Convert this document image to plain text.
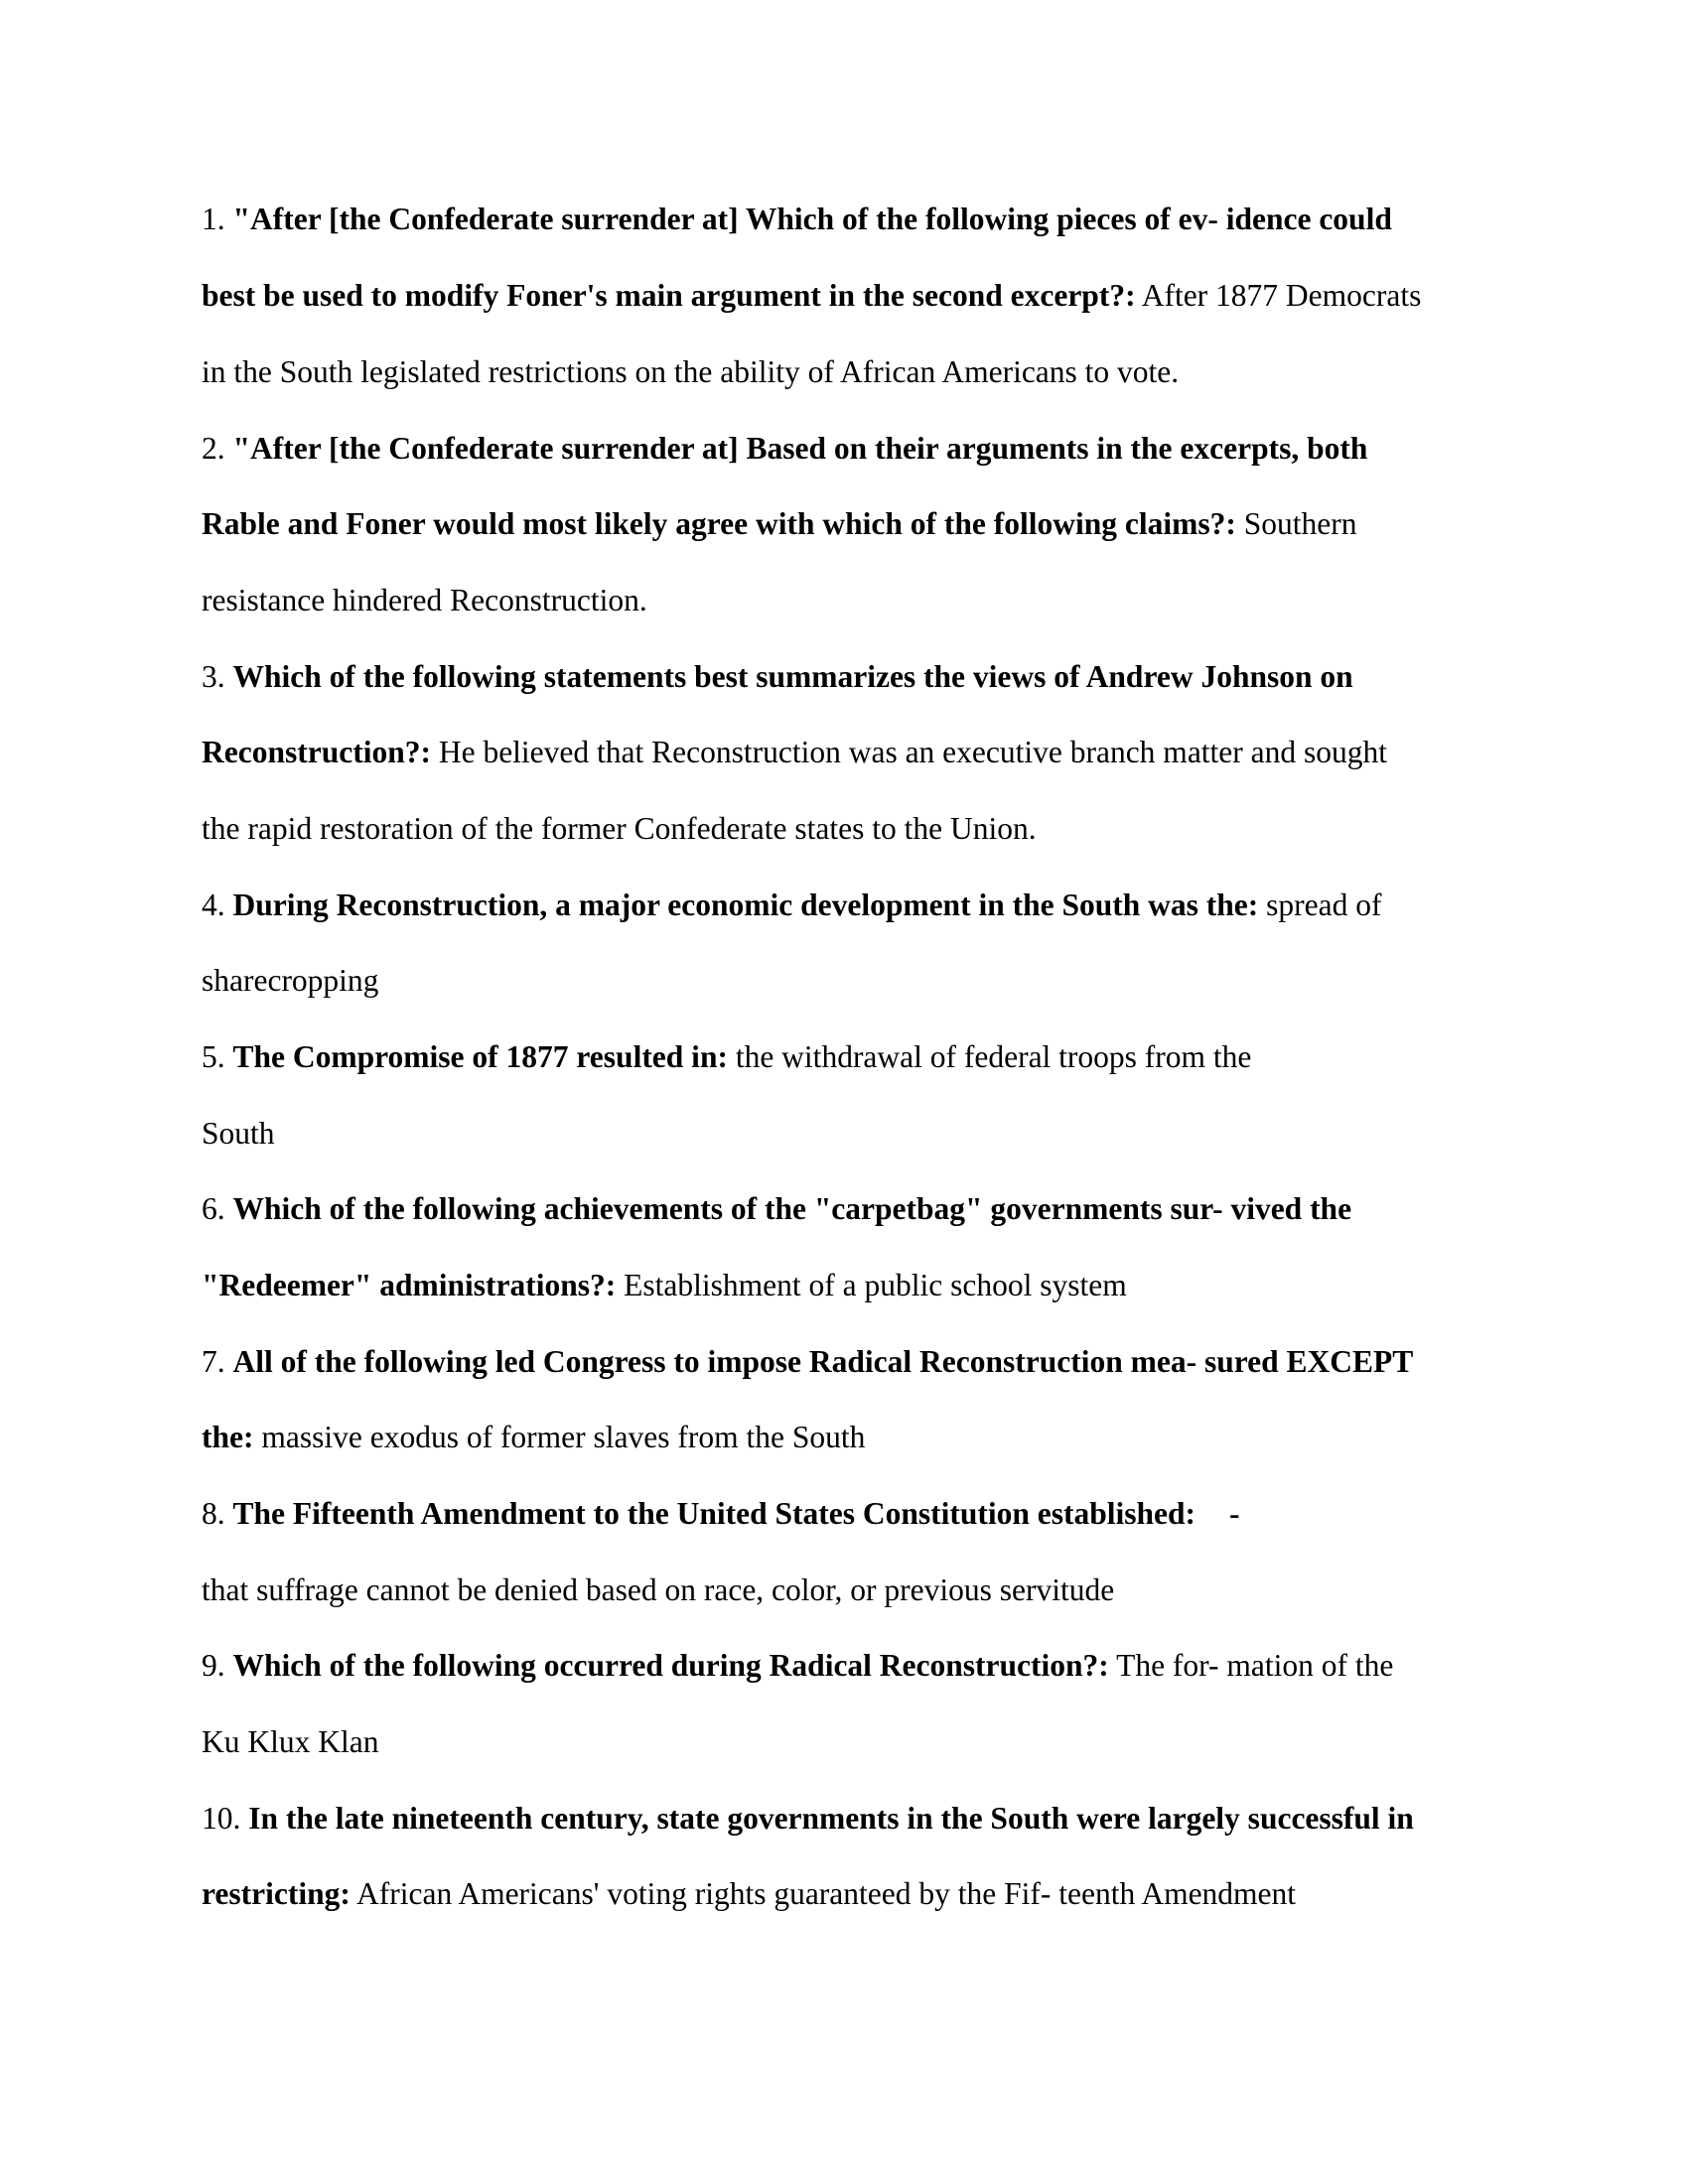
1. "After [the Confederate surrender at] Which of the following pieces of ev- idence could
best be used to modify Foner's main argument in the second excerpt?: After 1877 Democrats
in the South legislated restrictions on the ability of African Americans to vote.
2. "After [the Confederate surrender at] Based on their arguments in the excerpts, both
Rable and Foner would most likely agree with which of the following claims?: Southern
resistance hindered Reconstruction.
3. Which of the following statements best summarizes the views of Andrew Johnson on
Reconstruction?: He believed that Reconstruction was an executive branch matter and sought
the rapid restoration of the former Confederate states to the Union.
4. During Reconstruction, a major economic development in the South was the: spread of
sharecropping
5. The Compromise of 1877 resulted in: the withdrawal of federal troops from the
South
6. Which of the following achievements of the "carpetbag" governments sur- vived the
"Redeemer" administrations?: Establishment of a public school system
7. All of the following led Congress to impose Radical Reconstruction mea- sured EXCEPT
the: massive exodus of former slaves from the South
8. The Fifteenth Amendment to the United States Constitution established: -
that suffrage cannot be denied based on race, color, or previous servitude
9. Which of the following occurred during Radical Reconstruction?: The for- mation of the
Ku Klux Klan
10. In the late nineteenth century, state governments in the South were largely successful in
restricting: African Americans' voting rights guaranteed by the Fif- teenth Amendment
